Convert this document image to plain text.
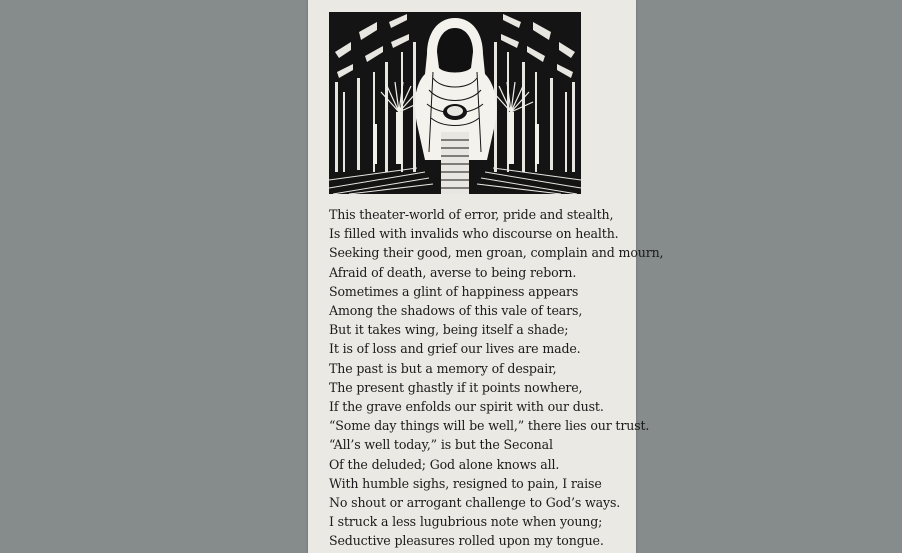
This theater-world of error, pride and stealth,
Is filled with invalids who discourse on health.
Seeking their good, men groan, complain and mourn,
Afraid of death, averse to being reborn.
Sometimes a glint of happiness appears
Among the shadows of this vale of tears,
But it takes wing, being itself a shade;
It is of loss and grief our lives are made.
The past is but a memory of despair,
The present ghastly if it points nowhere,
If the grave enfolds our spirit with our dust.
“Some day things will be well,” there lies our trust.
“All’s well today,” is but the Seconal
Of the deluded; God alone knows all.
With humble sighs, resigned to pain, I raise
No shout or arrogant challenge to God’s ways.
I struck a less lugubrious note when young;
Seductive pleasures rolled upon my tongue.
